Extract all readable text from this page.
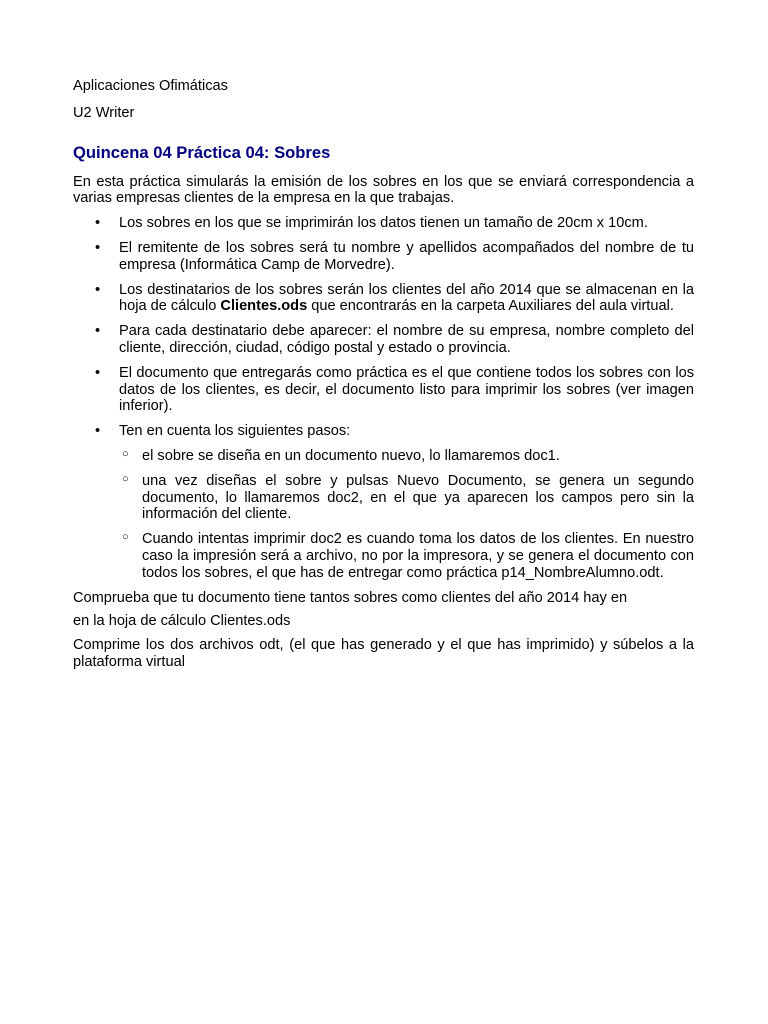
Aplicaciones Ofimáticas

U2 Writer

Quincena 04 Práctica 04: Sobres

En esta práctica simularás la emisión de los sobres en los que se enviará correspondencia a varias empresas clientes de la empresa en la que trabajas.

• Los sobres en los que se imprimirán los datos tienen un tamaño de 20cm x 10cm.
• El remitente de los sobres será tu nombre y apellidos acompañados del nombre de tu empresa (Informática Camp de Morvedre).
• Los destinatarios de los sobres serán los clientes del año 2014 que se almacenan en la hoja de cálculo Clientes.ods que encontrarás en la carpeta Auxiliares del aula virtual.
• Para cada destinatario debe aparecer: el nombre de su empresa, nombre completo del cliente, dirección, ciudad, código postal y estado o provincia.
• El documento que entregarás como práctica es el que contiene todos los sobres con los datos de los clientes, es decir, el documento listo para imprimir los sobres (ver imagen inferior).
• Ten en cuenta los siguientes pasos:
○ el sobre se diseña en un documento nuevo, lo llamaremos doc1.
○ una vez diseñas el sobre y pulsas Nuevo Documento, se genera un segundo documento, lo llamaremos doc2, en el que ya aparecen los campos pero sin la información del cliente.
○ Cuando intentas imprimir doc2 es cuando toma los datos de los clientes. En nuestro caso la impresión será a archivo, no por la impresora, y se genera el documento con todos los sobres, el que has de entregar como práctica p14_NombreAlumno.odt.

Comprueba que tu documento tiene tantos sobres como clientes del año 2014 hay en

en la hoja de cálculo Clientes.ods

Comprime los dos archivos odt, (el que has generado y el que has imprimido) y súbelos a la plataforma virtual
